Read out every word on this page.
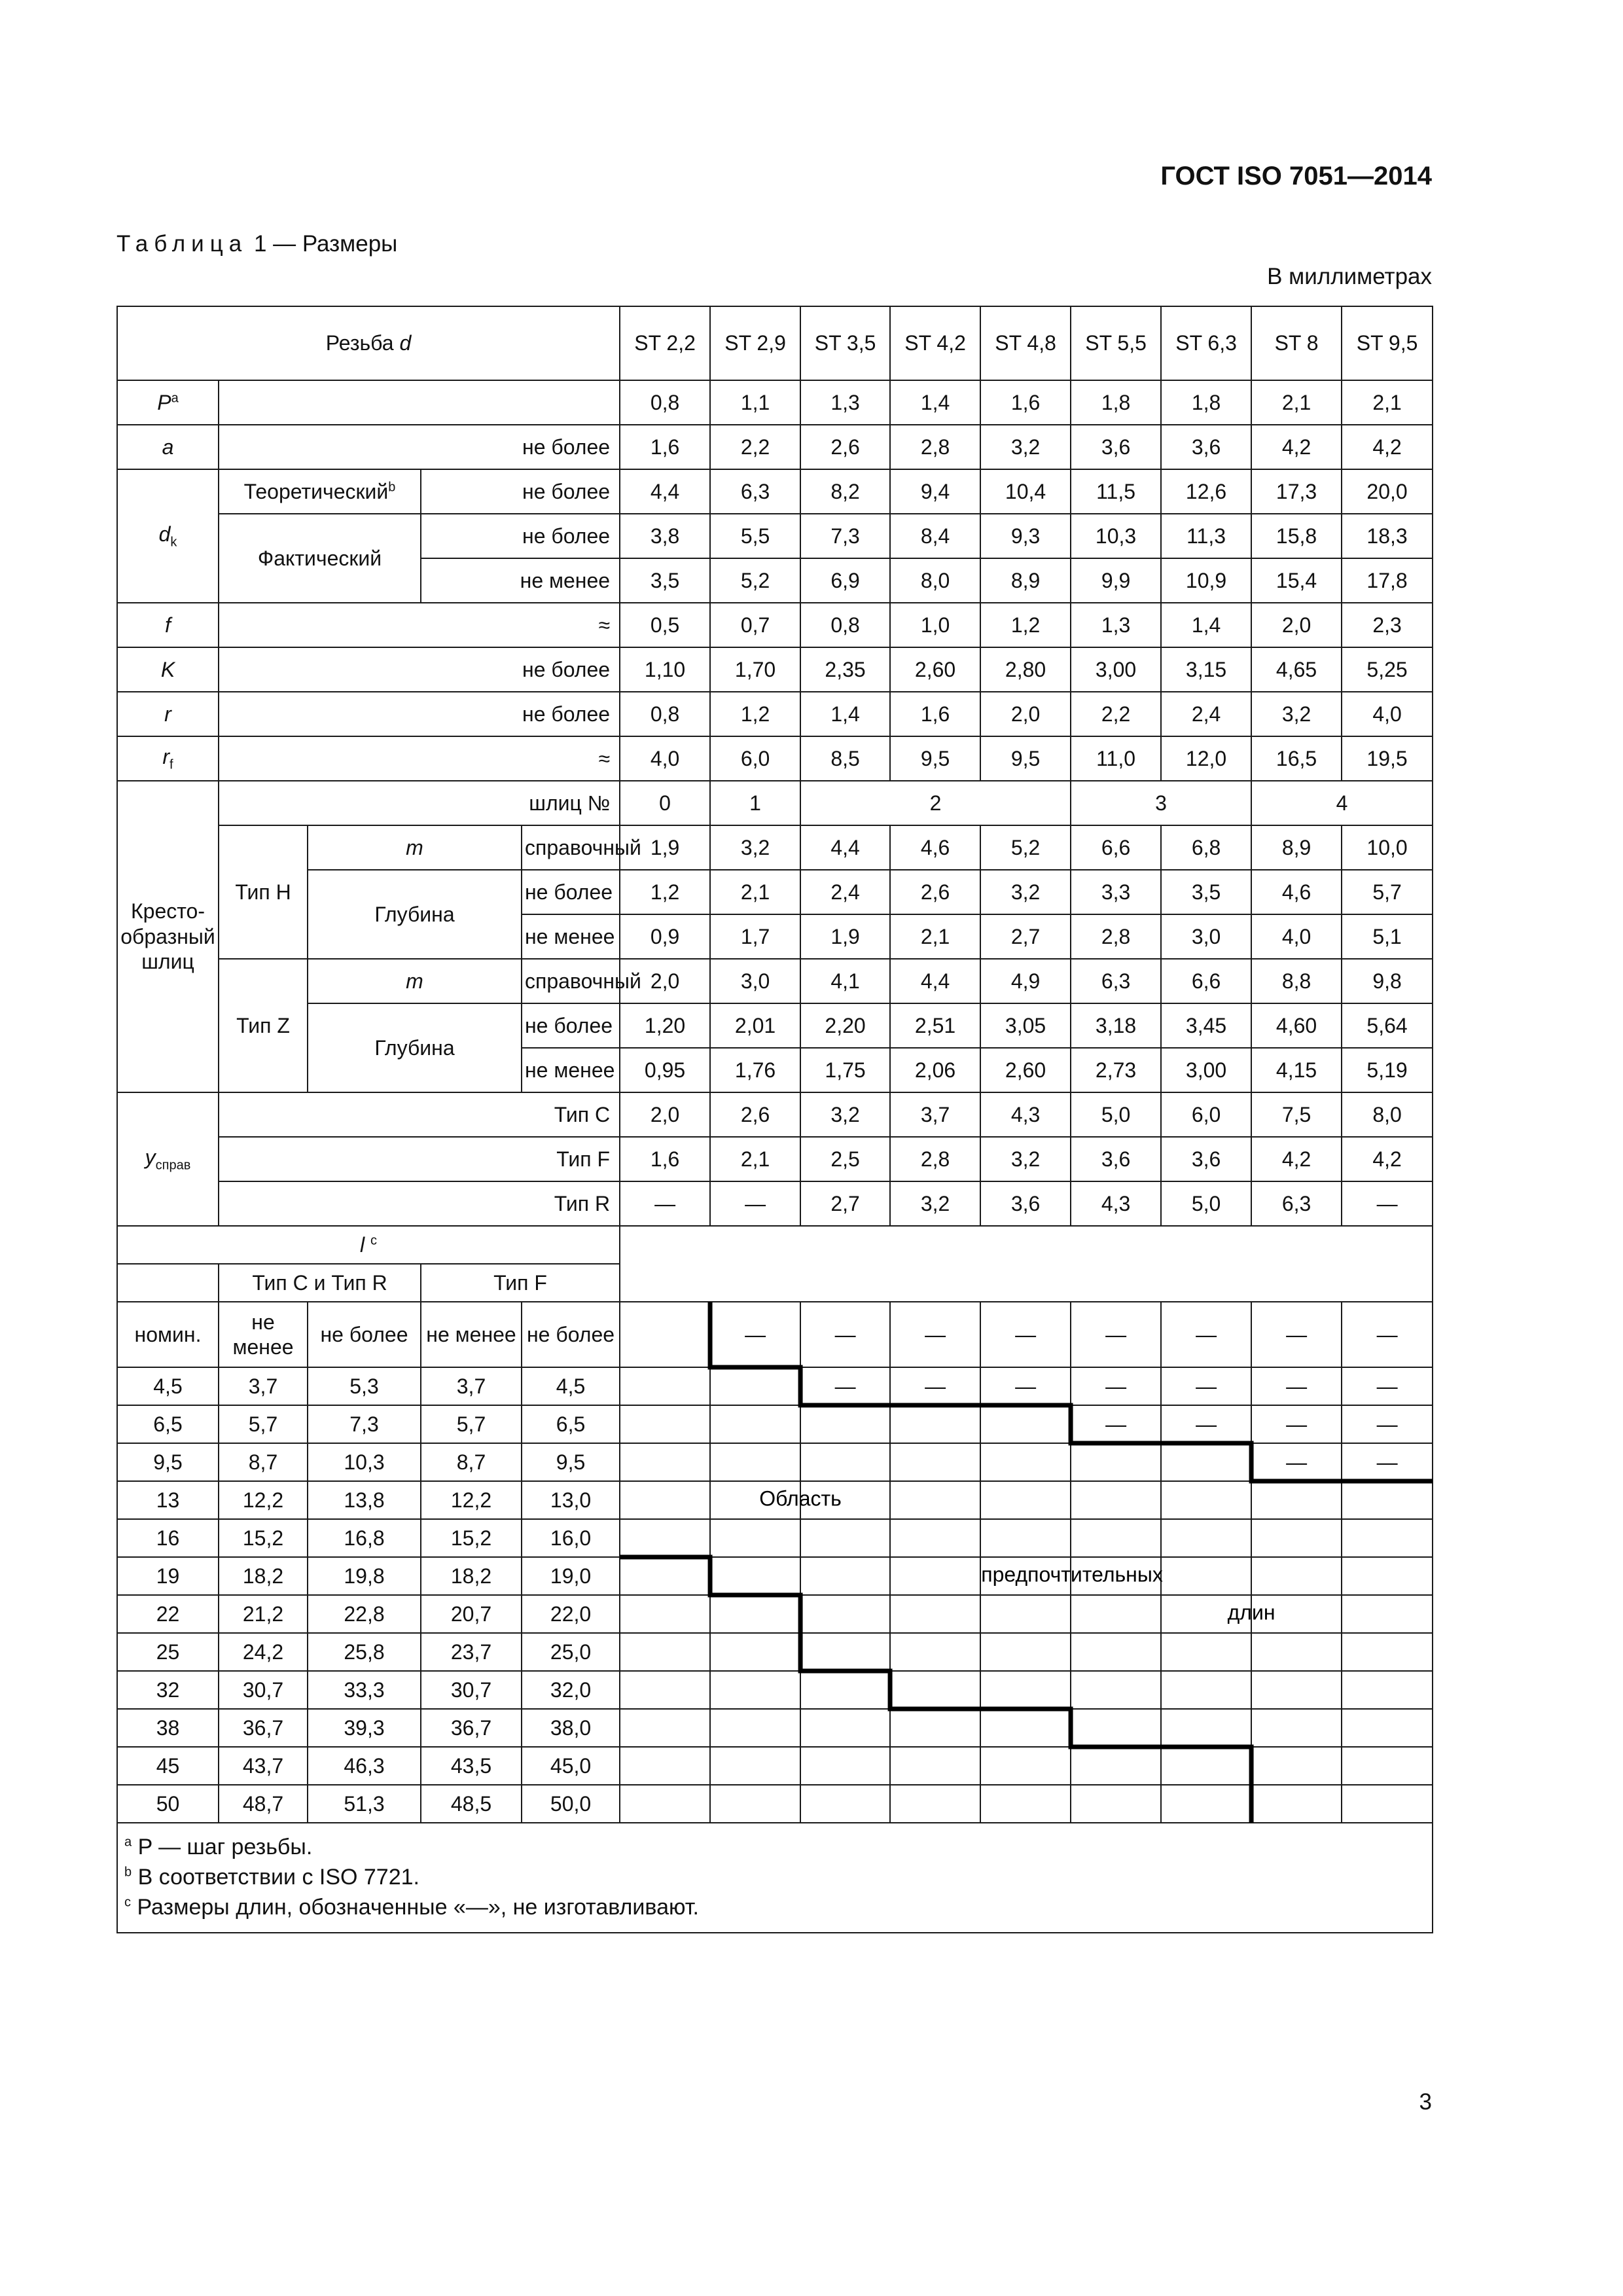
ГОСТ ISO 7051—2014
Таблица 1 — Размеры
В миллиметрах
Резьба d					ST 2,2	ST 2,9	ST 3,5	ST 4,2	ST 4,8	ST 5,5	ST 6,3	ST 8	ST 9,5
$P^a$					0,8	1,1	1,3	1,4	1,6	1,8	1,8	2,1	2,1
a	не более				1,6	2,2	2,6	2,8	3,2	3,6	3,6	4,2	4,2
$d_k$	Теоретический$^b$		не более		4,4	6,3	8,2	9,4	10,4	11,5	12,6	17,3	20,0
	Фактический		не более		3,8	5,5	7,3	8,4	9,3	10,3	11,3	15,8	18,3
			не менее		3,5	5,2	6,9	8,0	8,9	9,9	10,9	15,4	17,8
f	≈				0,5	0,7	0,8	1,0	1,2	1,3	1,4	2,0	2,3
K	не более				1,10	1,70	2,35	2,60	2,80	3,00	3,15	4,65	5,25
r	не более				0,8	1,2	1,4	1,6	2,0	2,2	2,4	3,2	4,0
$r_f$	≈				4,0	6,0	8,5	9,5	9,5	11,0	12,0	16,5	19,5
Кресто-образный шлиц	шлиц №				0	1	2			3		4	
	Тип H	m		справочный	1,9	3,2	4,4	4,6	5,2	6,6	6,8	8,9	10,0
		Глубина		не более	1,2	2,1	2,4	2,6	3,2	3,3	3,5	4,6	5,7
				не менее	0,9	1,7	1,9	2,1	2,7	2,8	3,0	4,0	5,1
	Тип Z	m		справочный	2,0	3,0	4,1	4,4	4,9	6,3	6,6	8,8	9,8
		Глубина		не более	1,20	2,01	2,20	2,51	3,05	3,18	3,45	4,60	5,64
				не менее	0,95	1,76	1,75	2,06	2,60	2,73	3,00	4,15	5,19
$y_{справ}$	Тип C				2,0	2,6	3,2	3,7	4,3	5,0	6,0	7,5	8,0
	Тип F				1,6	2,1	2,5	2,8	3,2	3,6	3,6	4,2	4,2
	Тип R				—	—	2,7	3,2	3,6	4,3	5,0	6,3	—
l $^c$	
	Тип C и Тип R		Тип F										
номин.	не менее	не более	не менее	не более		—	—	—	—	—	—	—	—
4,5	3,7	5,3	3,7	4,5			—	—	—	—	—	—	—
6,5	5,7	7,3	5,7	6,5						—	—	—	—
9,5	8,7	10,3	8,7	9,5								—	—
13	12,2	13,8	12,2	13,0									
16	15,2	16,8	15,2	16,0									
19	18,2	19,8	18,2	19,0									
22	21,2	22,8	20,7	22,0									
25	24,2	25,8	23,7	25,0									
32	30,7	33,3	30,7	32,0									
38	36,7	39,3	36,7	38,0									
45	43,7	46,3	43,5	45,0									
50	48,7	51,3	48,5	50,0									

$^a$ P — шаг резьбы.
$^b$ В соответствии с ISO 7721.
$^c$ Размеры длин, обозначенные «—», не изготавливают.													
Область
предпочтительных
длин
3
